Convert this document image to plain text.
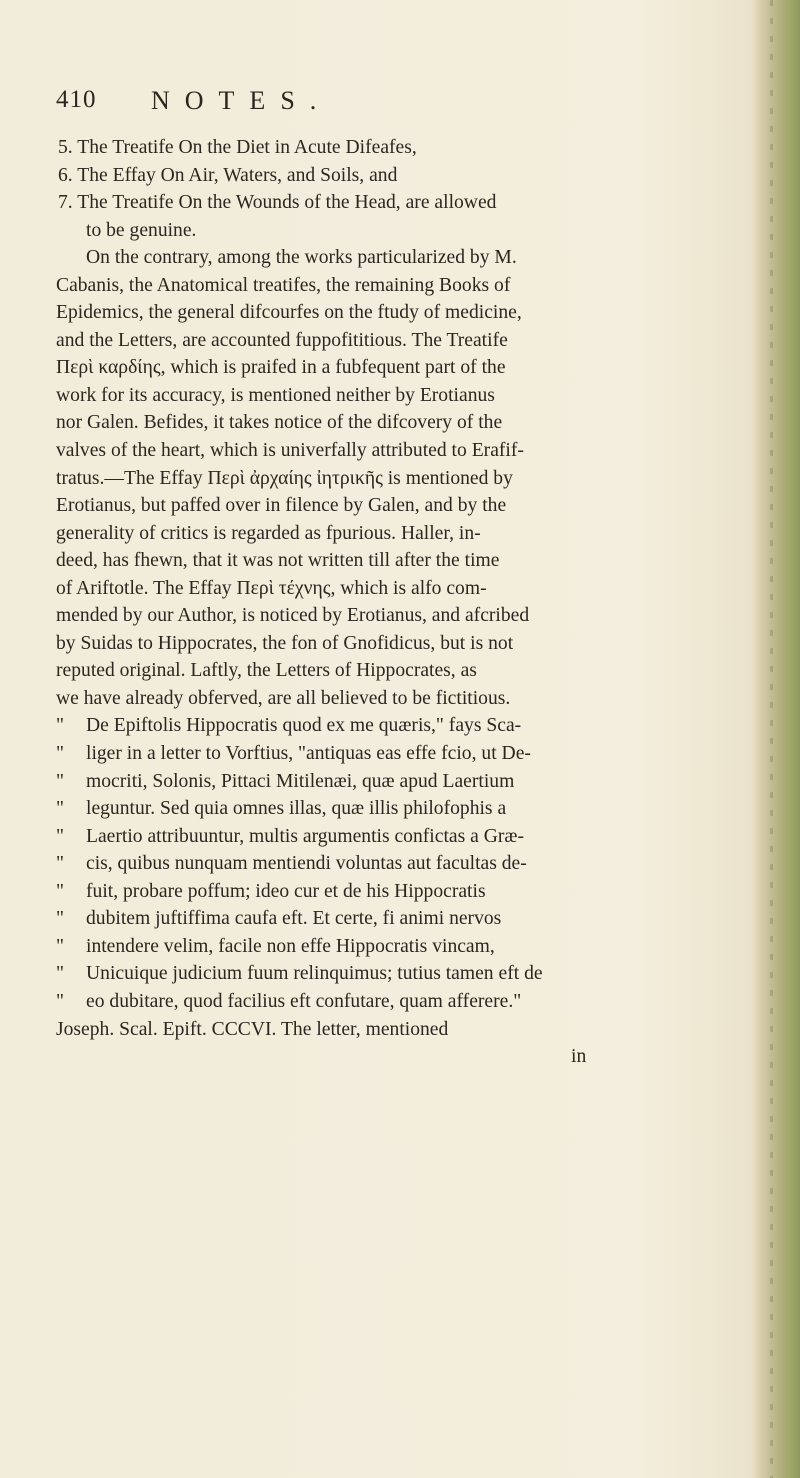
410 NOTES.
5. The Treatife On the Diet in Acute Difeafes,
6. The Effay On Air, Waters, and Soils, and
7. The Treatife On the Wounds of the Head, are allowed
to be genuine.
On the contrary, among the works particularized by M.
Cabanis, the Anatomical treatifes, the remaining Books of
Epidemics, the general difcourfes on the ftudy of medicine,
and the Letters, are accounted fuppofititious. The Treatife
Περὶ καρδίης, which is praifed in a fubfequent part of the
work for its accuracy, is mentioned neither by Erotianus
nor Galen. Befides, it takes notice of the difcovery of the
valves of the heart, which is univerfally attributed to Erafif-
tratus.—The Effay Περὶ ἀρχαίης ἰητρικῆς is mentioned by
Erotianus, but paffed over in filence by Galen, and by the
generality of critics is regarded as fpurious. Haller, in-
deed, has fhewn, that it was not written till after the time
of Ariftotle. The Effay Περὶ τέχνης, which is alfo com-
mended by our Author, is noticed by Erotianus, and afcribed
by Suidas to Hippocrates, the fon of Gnofidicus, but is not
reputed original. Laftly, the Letters of Hippocrates, as
we have already obferved, are all believed to be fictitious.
" De Epiftolis Hippocratis quod ex me quæris," fays Sca-
" liger in a letter to Vorftius, "antiquas eas effe fcio, ut De-
" mocriti, Solonis, Pittaci Mitilenæi, quæ apud Laertium
" leguntur. Sed quia omnes illas, quæ illis philofophis a
" Laertio attribuuntur, multis argumentis confictas a Græ-
" cis, quibus nunquam mentiendi voluntas aut facultas de-
" fuit, probare poffum; ideo cur et de his Hippocratis
" dubitem juftiffima caufa eft. Et certe, fi animi nervos
" intendere velim, facile non effe Hippocratis vincam,
" Unicuique judicium fuum relinquimus; tutius tamen eft de
" eo dubitare, quod facilius eft confutare, quam afferere."
Joseph. Scal. Epift. CCCVI. The letter, mentioned
in
